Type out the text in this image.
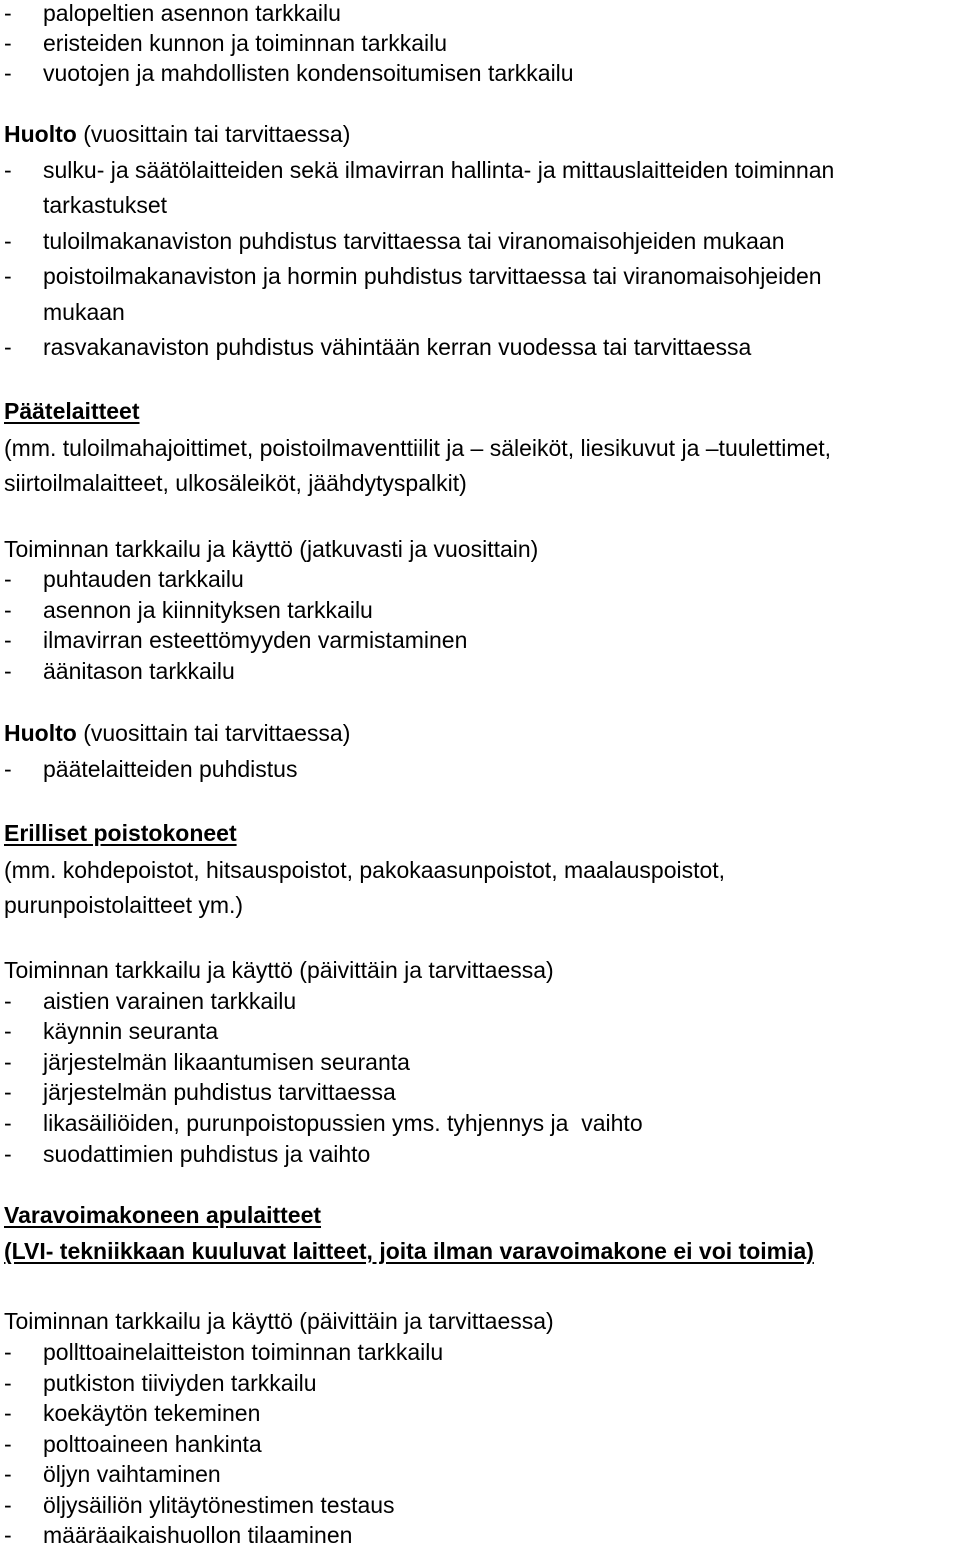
- palopeltien asennon tarkkailu
- eristeiden kunnon ja toiminnan tarkkailu
- vuotojen ja mahdollisten kondensoitumisen tarkkailu
Huolto (vuosittain tai tarvittaessa)
- sulku- ja säätölaitteiden sekä ilmavirran hallinta- ja mittauslaitteiden toiminnan
tarkastukset
- tuloilmakanaviston puhdistus tarvittaessa tai viranomaisohjeiden mukaan
- poistoilmakanaviston ja hormin puhdistus tarvittaessa tai viranomaisohjeiden
mukaan
- rasvakanaviston puhdistus vähintään kerran vuodessa tai tarvittaessa
Päätelaitteet
(mm. tuloilmahajoittimet, poistoilmaventtiilit ja – säleiköt, liesikuvut ja –tuulettimet,
siirtoilmalaitteet, ulkosäleiköt, jäähdytyspalkit)
Toiminnan tarkkailu ja käyttö (jatkuvasti ja vuosittain)
- puhtauden tarkkailu
- asennon ja kiinnityksen tarkkailu
- ilmavirran esteettömyyden varmistaminen
- äänitason tarkkailu
Huolto (vuosittain tai tarvittaessa)
- päätelaitteiden puhdistus
Erilliset poistokoneet
(mm. kohdepoistot, hitsauspoistot, pakokaasunpoistot, maalauspoistot,
purunpoistolaitteet ym.)
Toiminnan tarkkailu ja käyttö (päivittäin ja tarvittaessa)
- aistien varainen tarkkailu
- käynnin seuranta
- järjestelmän likaantumisen seuranta
- järjestelmän puhdistus tarvittaessa
- likasäiliöiden, purunpoistopussien yms. tyhjennys ja  vaihto
- suodattimien puhdistus ja vaihto
Varavoimakoneen apulaitteet
(LVI- tekniikkaan kuuluvat laitteet, joita ilman varavoimakone ei voi toimia)
Toiminnan tarkkailu ja käyttö (päivittäin ja tarvittaessa)
- pollttoainelaitteiston toiminnan tarkkailu
- putkiston tiiviyden tarkkailu
- koekäytön tekeminen
- polttoaineen hankinta
- öljyn vaihtaminen
- öljysäiliön ylitäytönestimen testaus
- määräaikaishuollon tilaaminen
